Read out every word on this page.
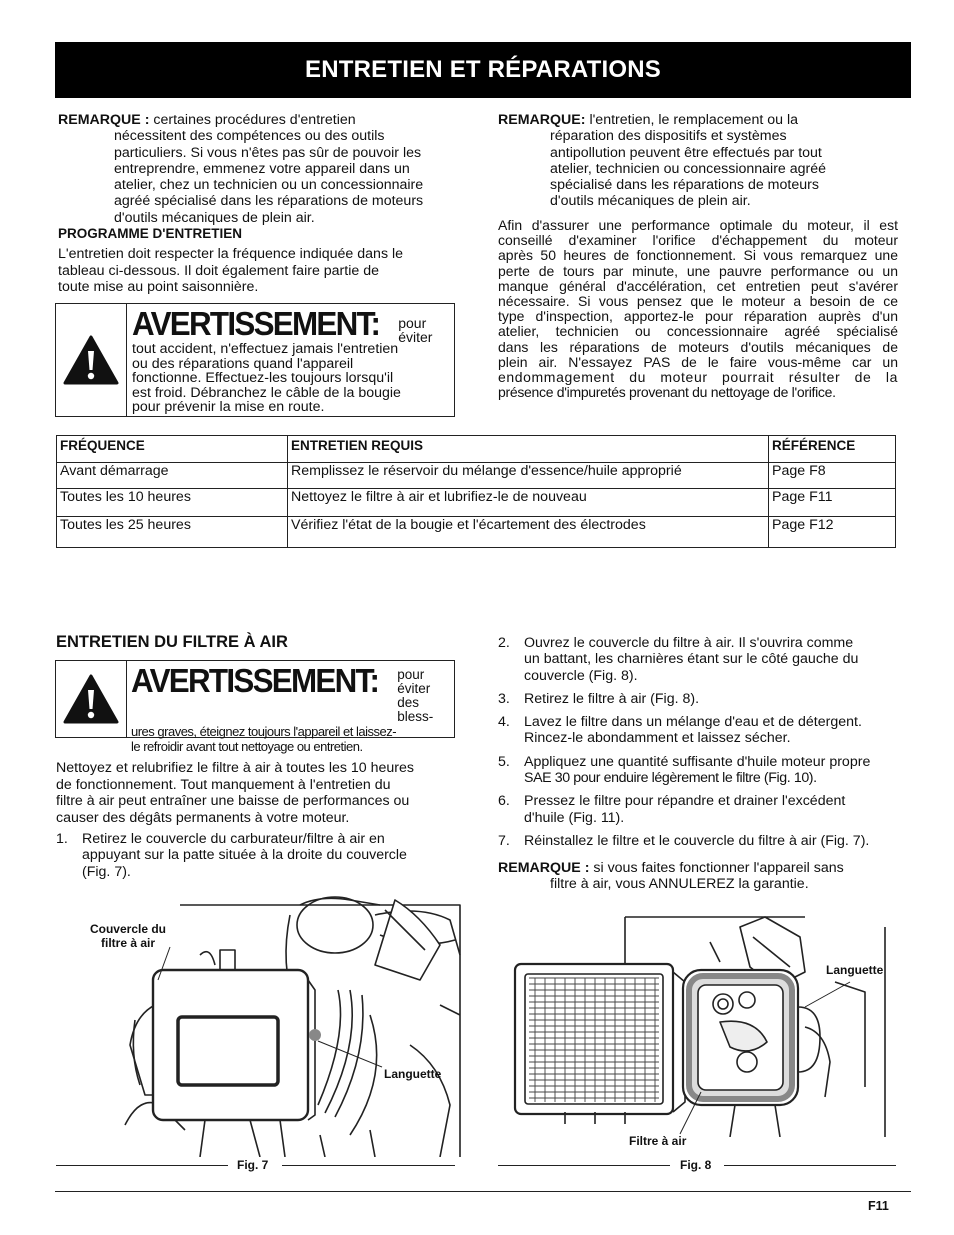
ENTRETIEN ET RÉPARATIONS
REMARQUE : certaines procédures d'entretien
nécessitent des compétences ou des outils
particuliers. Si vous n'êtes pas sûr de pouvoir les
entreprendre, emmenez votre appareil dans un
atelier, chez un technicien ou un concessionnaire
agréé spécialisé dans les réparations de moteurs
d'outils mécaniques de plein air.
PROGRAMME D'ENTRETIEN
L'entretien doit respecter la fréquence indiquée dans le
tableau ci-dessous. Il doit également faire partie de
toute mise au point saisonnière.
AVERTISSEMENT: pour
éviter
tout accident, n'effectuez jamais l'entretien
ou des réparations quand l'appareil
fonctionne. Effectuez-les toujours lorsqu'il
est froid. Débranchez le câble de la bougie
pour prévenir la mise en route.
REMARQUE: l'entretien, le remplacement ou la
réparation des dispositifs et systèmes
antipollution peuvent être effectués par tout
atelier, technicien ou concessionnaire agréé
spécialisé dans les réparations de moteurs
d'outils mécaniques de plein air.
Afin d'assurer une performance optimale du moteur, il est
conseillé d'examiner l'orifice d'échappement du moteur
après 50 heures de fonctionnement. Si vous remarquez une
perte de tours par minute, une pauvre performance ou un
manque général d'accélération, cet entretien peut s'avérer
nécessaire. Si vous pensez que le moteur a besoin de ce
type d'inspection, apportez-le pour réparation auprès d'un
atelier, technicien ou concessionnaire agréé spécialisé
dans les réparations de moteurs d'outils mécaniques de
plein air. N'essayez PAS de le faire vous-même car un
endommagement du moteur pourrait résulter de la
présence d'impuretés provenant du nettoyage de l'orifice.
FRÉQUENCE	ENTRETIEN REQUIS	RÉFÉRENCE
Avant démarrage	Remplissez le réservoir du mélange d'essence/huile approprié	Page F8
Toutes les 10 heures	Nettoyez le filtre à air et lubrifiez-le de nouveau	Page F11
Toutes les 25 heures	Vérifiez l'état de la bougie et l'écartement des électrodes	Page F12
ENTRETIEN DU FILTRE À AIR
AVERTISSEMENT: pour éviter
des bless-
ures graves, éteignez toujours l'appareil et laissez-
le refroidir avant tout nettoyage ou entretien.
Nettoyez et relubrifiez le filtre à air à toutes les 10 heures
de fonctionnement. Tout manquement à l'entretien du
filtre à air peut entraîner une baisse de performances ou
causer des dégâts permanents à votre moteur.
1. Retirez le couvercle du carburateur/filtre à air en
appuyant sur la patte située à la droite du couvercle
(Fig. 7).
2. Ouvrez le couvercle du filtre à air. Il s'ouvrira comme
un battant, les charnières étant sur le côté gauche du
couvercle (Fig. 8).
3. Retirez le filtre à air (Fig. 8).
4. Lavez le filtre dans un mélange d'eau et de détergent.
Rincez-le abondamment et laissez sécher.
5. Appliquez une quantité suffisante d'huile moteur propre
SAE 30 pour enduire légèrement le filtre (Fig. 10).
6. Pressez le filtre pour répandre et drainer l'excédent
d'huile (Fig. 11).
7. Réinstallez le filtre et le couvercle du filtre à air (Fig. 7).
REMARQUE : si vous faites fonctionner l'appareil sans
filtre à air, vous ANNULEREZ la garantie.
Couvercle du
filtre à air
Languette
Fig. 7
Languette
Filtre à air
Fig. 8
F11
